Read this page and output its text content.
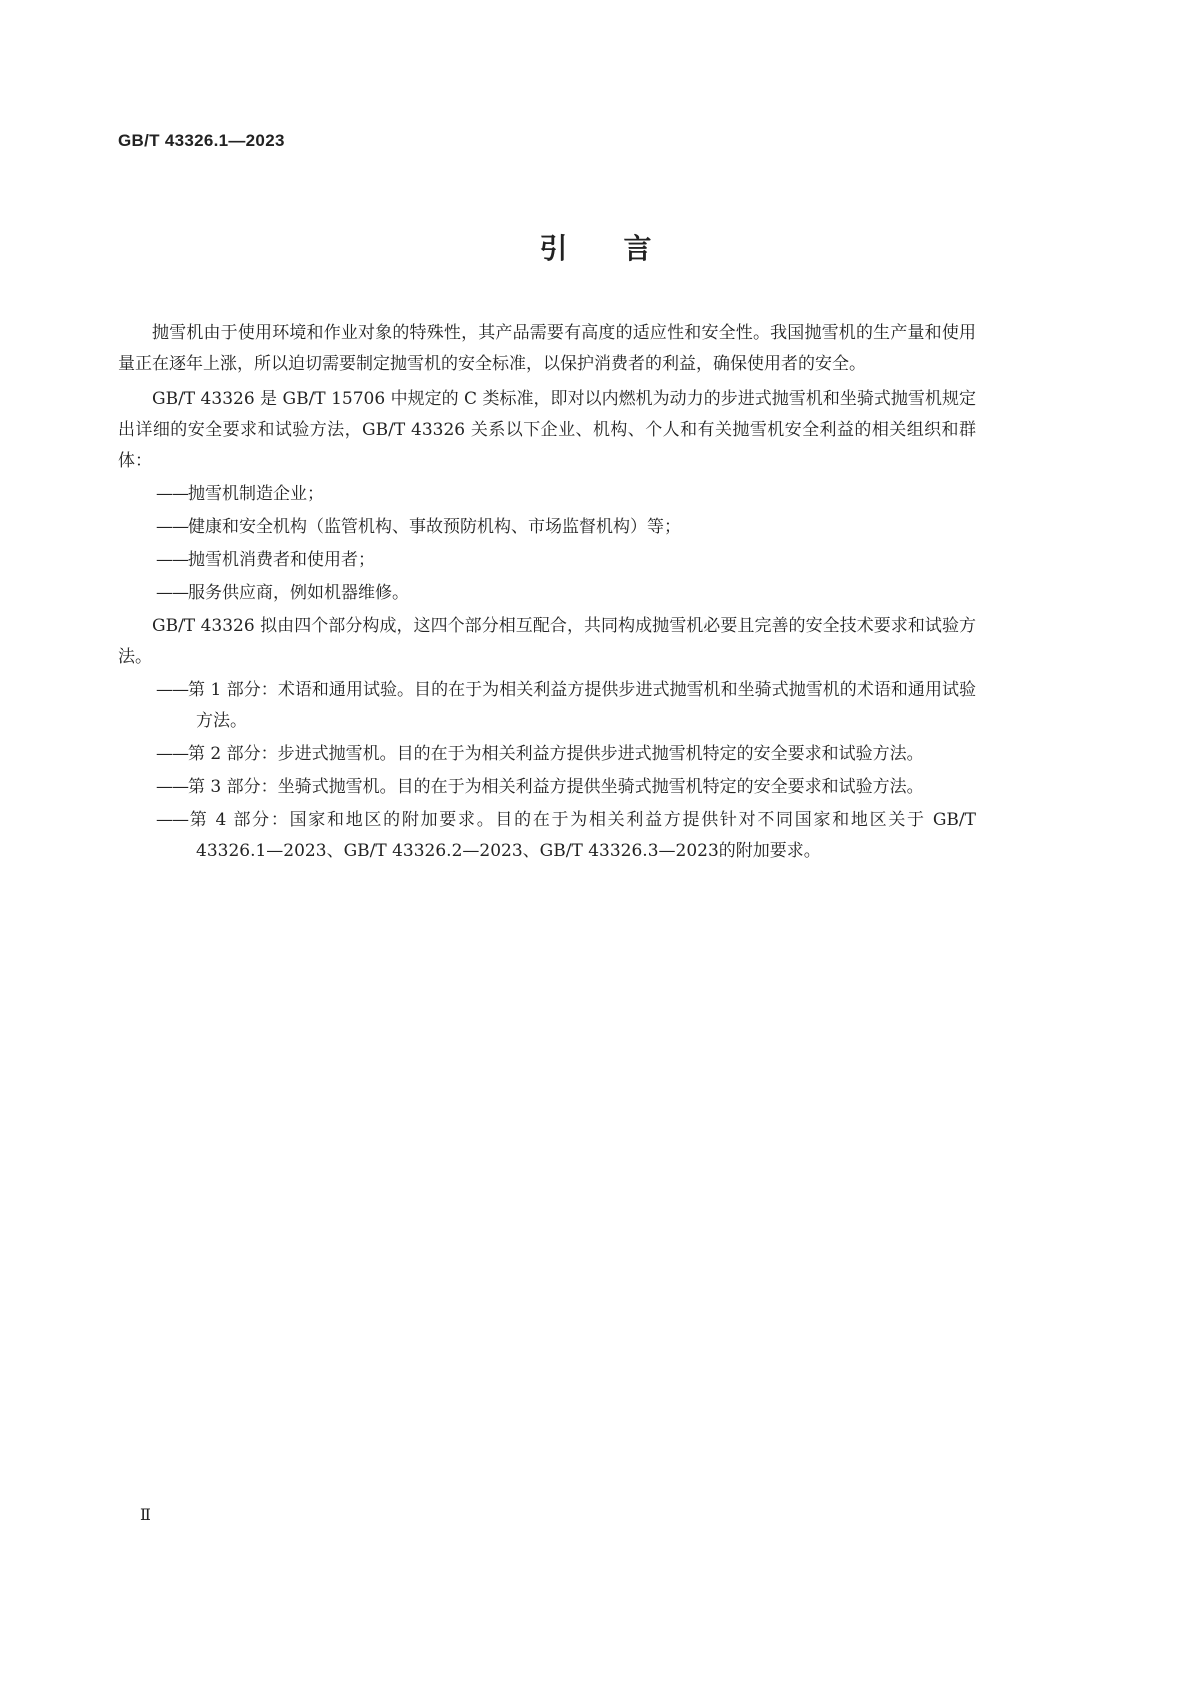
GB/T 43326.1—2023
引言

抛雪机由于使用环境和作业对象的特殊性，其产品需要有高度的适应性和安全性。我国抛雪机的生产量和使用量正在逐年上涨，所以迫切需要制定抛雪机的安全标准，以保护消费者的利益，确保使用者的安全。

GB/T 43326 是 GB/T 15706 中规定的 C 类标准，即对以内燃机为动力的步进式抛雪机和坐骑式抛雪机规定出详细的安全要求和试验方法，GB/T 43326 关系以下企业、机构、个人和有关抛雪机安全利益的相关组织和群体：

——抛雪机制造企业；

——健康和安全机构（监管机构、事故预防机构、市场监督机构）等；

——抛雪机消费者和使用者；

——服务供应商，例如机器维修。

GB/T 43326 拟由四个部分构成，这四个部分相互配合，共同构成抛雪机必要且完善的安全技术要求和试验方法。

——第 1 部分：术语和通用试验。目的在于为相关利益方提供步进式抛雪机和坐骑式抛雪机的术语和通用试验方法。

——第 2 部分：步进式抛雪机。目的在于为相关利益方提供步进式抛雪机特定的安全要求和试验方法。

——第 3 部分：坐骑式抛雪机。目的在于为相关利益方提供坐骑式抛雪机特定的安全要求和试验方法。

——第 4 部分：国家和地区的附加要求。目的在于为相关利益方提供针对不同国家和地区关于 GB/T 43326.1—2023、GB/T 43326.2—2023、GB/T 43326.3—2023的附加要求。

Ⅱ
